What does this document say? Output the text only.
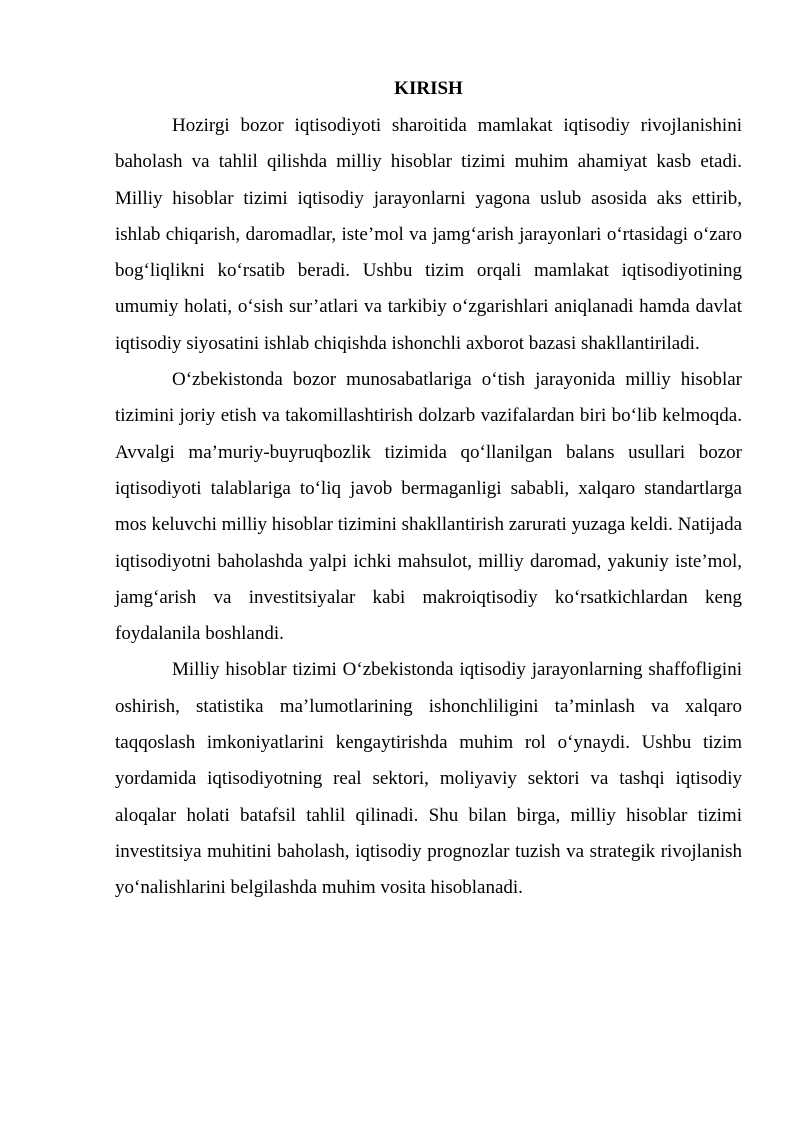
KIRISH

Hozirgi bozor iqtisodiyoti sharoitida mamlakat iqtisodiy rivojlanishini baholash va tahlil qilishda milliy hisoblar tizimi muhim ahamiyat kasb etadi. Milliy hisoblar tizimi iqtisodiy jarayonlarni yagona uslub asosida aks ettirib, ishlab chiqarish, daromadlar, iste’mol va jamg‘arish jarayonlari o‘rtasidagi o‘zaro bog‘liqlikni ko‘rsatib beradi. Ushbu tizim orqali mamlakat iqtisodiyotining umumiy holati, o‘sish sur’atlari va tarkibiy o‘zgarishlari aniqlanadi hamda davlat iqtisodiy siyosatini ishlab chiqishda ishonchli axborot bazasi shakllantiriladi.

O‘zbekistonda bozor munosabatlariga o‘tish jarayonida milliy hisoblar tizimini joriy etish va takomillashtirish dolzarb vazifalardan biri bo‘lib kelmoqda. Avvalgi ma’muriy-buyruqbozlik tizimida qo‘llanilgan balans usullari bozor iqtisodiyoti talablariga to‘liq javob bermaganligi sababli, xalqaro standartlarga mos keluvchi milliy hisoblar tizimini shakllantirish zarurati yuzaga keldi. Natijada iqtisodiyotni baholashda yalpi ichki mahsulot, milliy daromad, yakuniy iste’mol, jamg‘arish va investitsiyalar kabi makroiqtisodiy ko‘rsatkichlardan keng foydalanila boshlandi.

Milliy hisoblar tizimi O‘zbekistonda iqtisodiy jarayonlarning shaffofligini oshirish, statistika ma’lumotlarining ishonchliligini ta’minlash va xalqaro taqqoslash imkoniyatlarini kengaytirishda muhim rol o‘ynaydi. Ushbu tizim yordamida iqtisodiyotning real sektori, moliyaviy sektori va tashqi iqtisodiy aloqalar holati batafsil tahlil qilinadi. Shu bilan birga, milliy hisoblar tizimi investitsiya muhitini baholash, iqtisodiy prognozlar tuzish va strategik rivojlanish yo‘nalishlarini belgilashda muhim vosita hisoblanadi.
